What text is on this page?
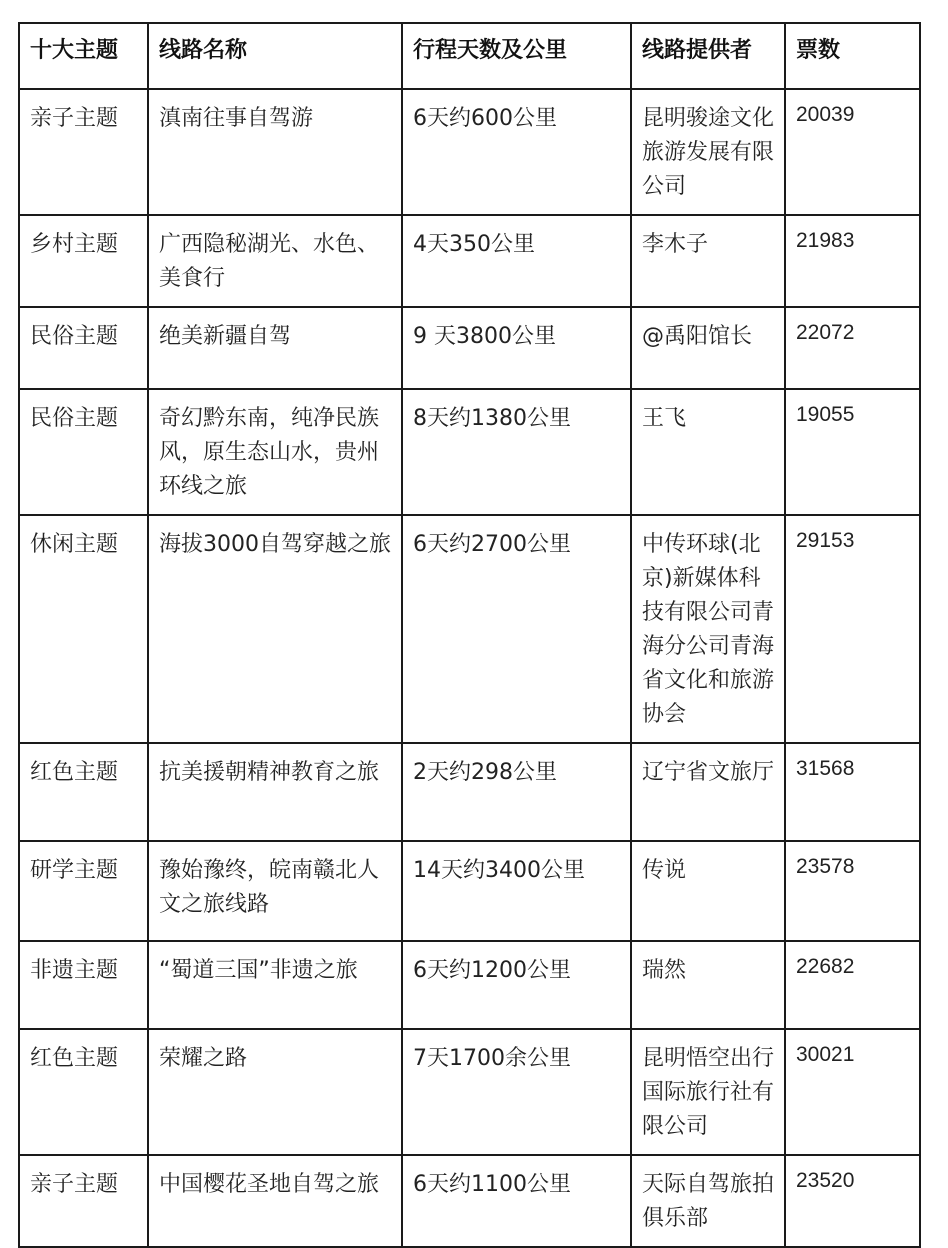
十大主题	线路名称	行程天数及公里	线路提供者	票数
亲子主题	滇南往事自驾游	6天约600公里	昆明骏途文化旅游发展有限公司	20039
乡村主题	广西隐秘湖光、水色、美食行	4天350公里	李木子	21983
民俗主题	绝美新疆自驾	9 天3800公里	@禹阳馆长	22072
民俗主题	奇幻黔东南，纯净民族风，原生态山水，贵州环线之旅	8天约1380公里	王飞	19055
休闲主题	海拔3000自驾穿越之旅	6天约2700公里	中传环球(北京)新媒体科技有限公司青海分公司青海省文化和旅游协会	29153
红色主题	抗美援朝精神教育之旅	2天约298公里	辽宁省文旅厅	31568
研学主题	豫始豫终，皖南赣北人文之旅线路	14天约3400公里	传说	23578
非遗主题	“蜀道三国”非遗之旅	6天约1200公里	瑞然	22682
红色主题	荣耀之路	7天1700余公里	昆明悟空出行国际旅行社有限公司	30021
亲子主题	中国樱花圣地自驾之旅	6天约1100公里	天际自驾旅拍俱乐部	23520
